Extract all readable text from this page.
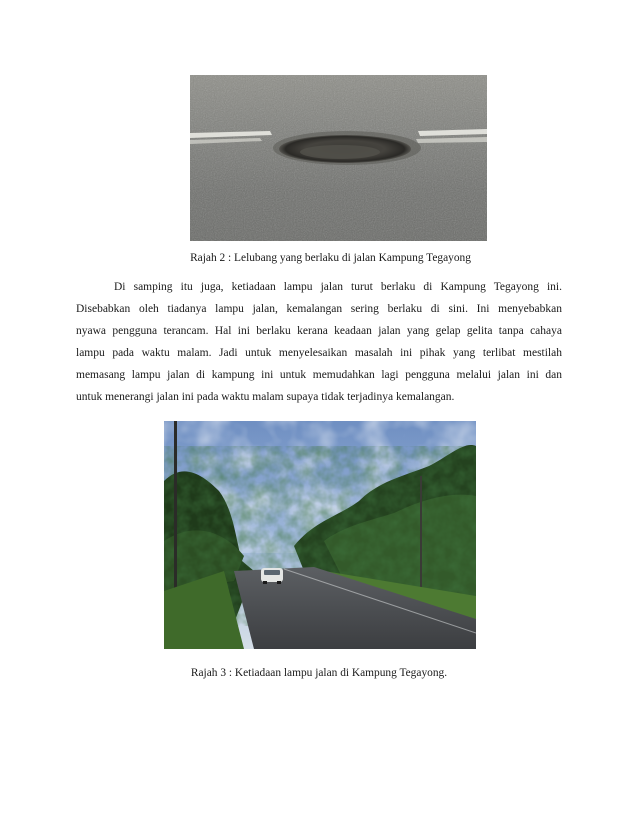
Rajah 2 : Lelubang yang berlaku di jalan Kampung Tegayong
Di samping itu juga, ketiadaan lampu jalan turut berlaku di Kampung Tegayong ini.
Disebabkan oleh tiadanya lampu jalan, kemalangan sering berlaku di sini. Ini menyebabkan
nyawa pengguna terancam. Hal ini berlaku kerana keadaan jalan yang gelap gelita tanpa cahaya
lampu pada waktu malam. Jadi untuk menyelesaikan masalah ini pihak yang terlibat mestilah
memasang lampu jalan di kampung ini untuk memudahkan lagi pengguna melalui jalan ini dan
untuk menerangi jalan ini pada waktu malam supaya tidak terjadinya kemalangan.
Rajah 3 : Ketiadaan lampu jalan di Kampung Tegayong.
